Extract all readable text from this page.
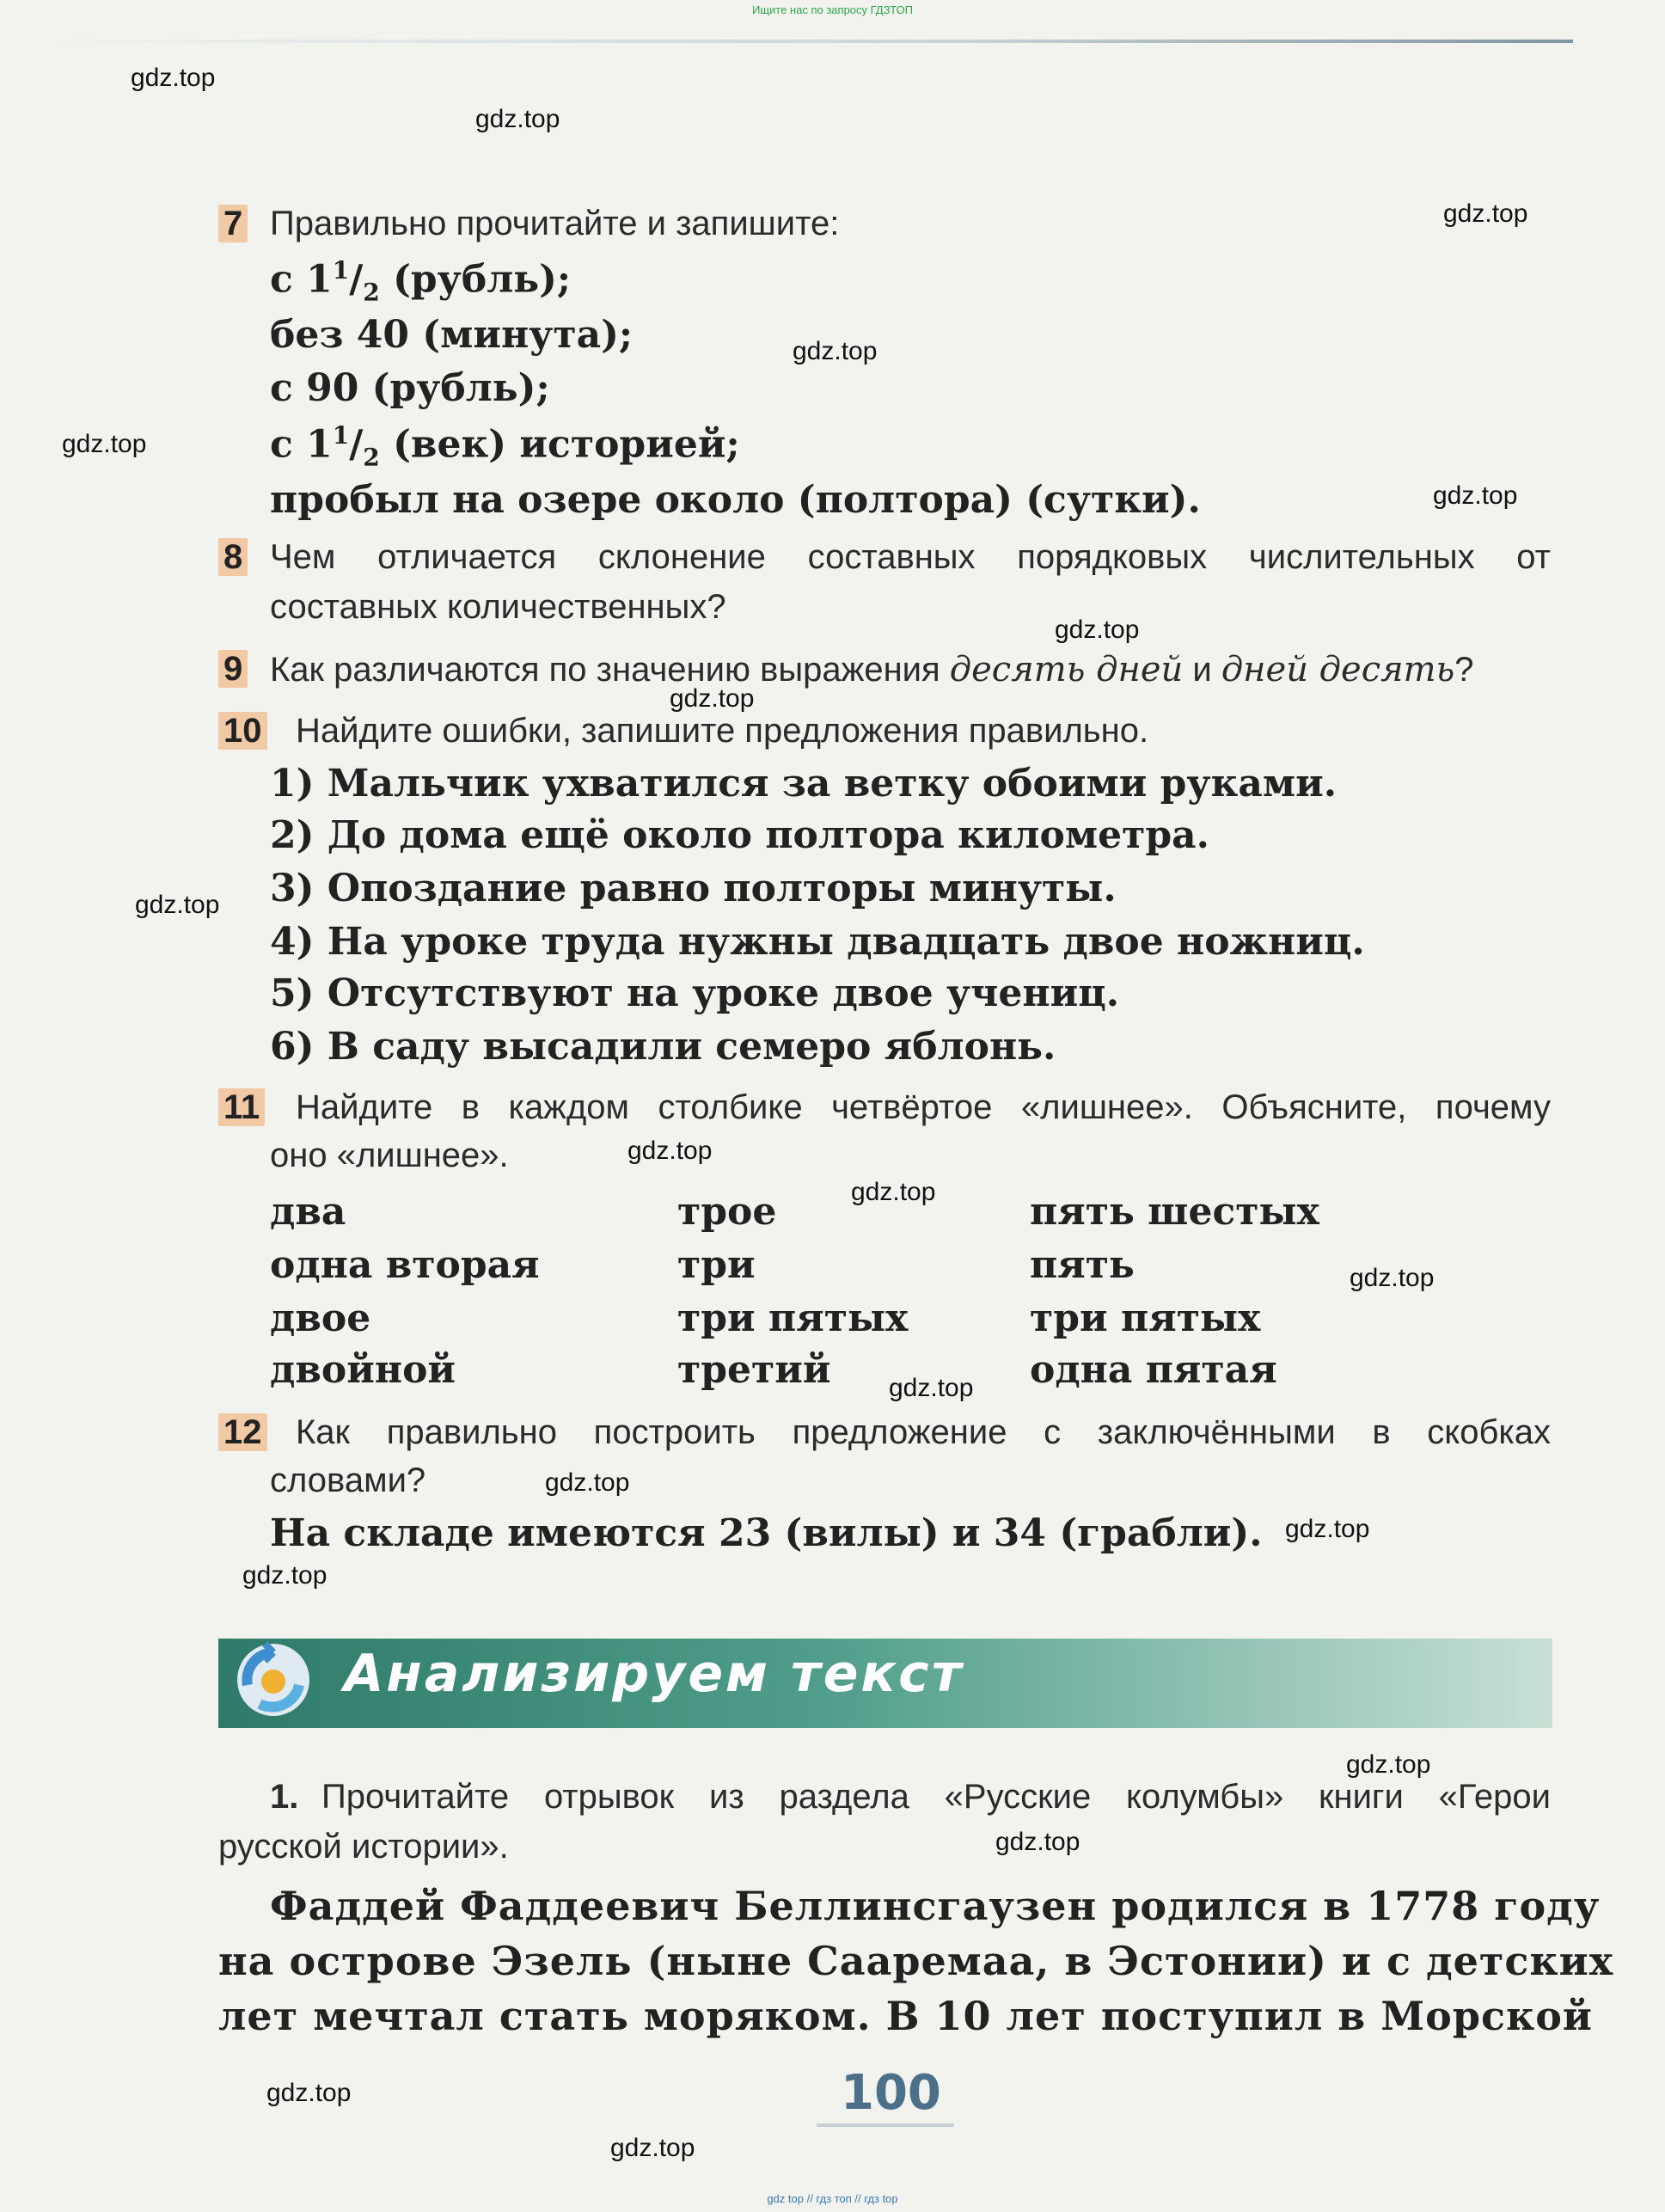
Ищите нас по запросу ГДЗТОП
gdz.top
gdz.top
gdz.top
gdz.top
gdz.top
gdz.top
gdz.top
gdz.top
gdz.top
gdz.top
gdz.top
gdz.top
gdz.top
gdz.top
gdz.top
gdz.top
gdz.top
gdz.top
gdz.top
gdz.top
7 Правильно прочитайте и запишите:
с $1^1/_2$ (рубль);
без 40 (минута);
с 90 (рубль);
с $1^1/_2$ (век) историей;
пробыл на озере около (полтора) (сутки).
8 Чем отличается склонение составных порядковых числительных от
составных количественных?
9 Как различаются по значению выражения десять дней и дней десять?
10 Найдите ошибки, запишите предложения правильно.
1) Мальчик ухватился за ветку обоими руками.
2) До дома ещё около полтора километра.
3) Опоздание равно полторы минуты.
4) На уроке труда нужны двадцать двое ножниц.
5) Отсутствуют на уроке двое учениц.
6) В саду высадили семеро яблонь.
11 Найдите в каждом столбике четвёртое «лишнее». Объясните, почему
оно «лишнее».
два
одна вторая
двое
двойной
трое
три
три пятых
третий
пять шестых
пять
три пятых
одна пятая
12 Как правильно построить предложение с заключёнными в скобках
словами?
На складе имеются 23 (вилы) и 34 (грабли).
Анализируем текст
1. Прочитайте отрывок из раздела «Русские колумбы» книги «Герои
русской истории».
Фаддей Фаддеевич Беллинсгаузен родился в 1778 году
на острове Эзель (ныне Сааремаа, в Эстонии) и с детских
лет мечтал стать моряком. В 10 лет поступил в Морской
100
gdz top // гдз топ // гдз top
